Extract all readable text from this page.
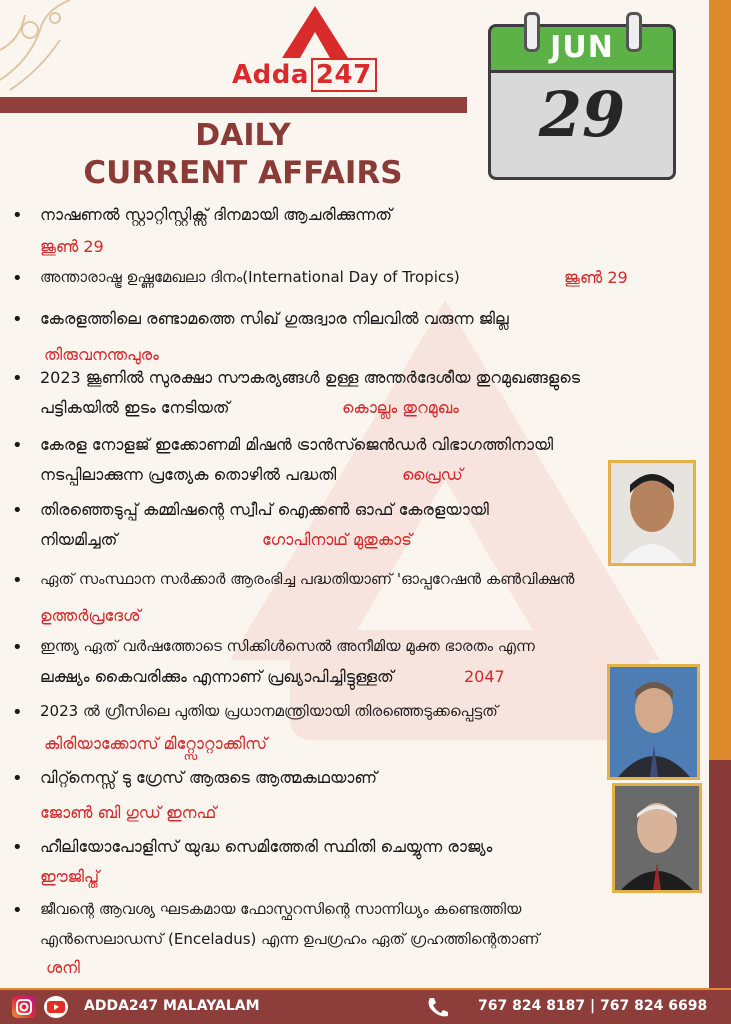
Adda 247
DAILY
CURRENT AFFAIRS
JUN
29
• നാഷണൽ സ്റ്റാറ്റിസ്റ്റിക്സ് ദിനമായി ആചരിക്കുന്നത്
ജൂൺ 29
• അന്താരാഷ്ട്ര ഉഷ്ണമേഖലാ ദിനം(International Day of Tropics)	ജൂൺ 29
• കേരളത്തിലെ രണ്ടാമത്തെ സിഖ് ഗുരുദ്വാര നിലവിൽ വരുന്ന ജില്ല
തിരുവനന്തപുരം
• 2023 ജൂണിൽ സുരക്ഷാ സൗകര്യങ്ങൾ ഉള്ള അന്തർദേശീയ തുറമുഖങ്ങളുടെ
പട്ടികയിൽ ഇടം നേടിയത്	കൊല്ലം തുറമുഖം
• കേരള നോളജ് ഇക്കോണമി മിഷൻ ട്രാൻസ്ജെൻഡർ വിഭാഗത്തിനായി
നടപ്പിലാക്കുന്ന പ്രത്യേക തൊഴിൽ പദ്ധതി	പ്രൈഡ്
• തിരഞ്ഞെടുപ്പ് കമ്മിഷന്റെ സ്വീപ് ഐക്കൺ ഓഫ് കേരളയായി
നിയമിച്ചത്	ഗോപിനാഥ് മുതുകാട്
• ഏത് സംസ്ഥാന സർക്കാർ ആരംഭിച്ച പദ്ധതിയാണ് 'ഓപ്പറേഷൻ കൺവിക്ഷൻ
ഉത്തർപ്രദേശ്
• ഇന്ത്യ ഏത് വർഷത്തോടെ സിക്കിൾസെൽ അനീമിയ മുക്ത ഭാരതം എന്ന
ലക്ഷ്യം കൈവരിക്കും എന്നാണ് പ്രഖ്യാപിച്ചിട്ടുള്ളത്	2047
• 2023 ൽ ഗ്രീസിലെ പുതിയ പ്രധാനമന്ത്രിയായി തിരഞ്ഞെടുക്കപ്പെട്ടത്
കിരിയാക്കോസ് മിറ്റ്സോറ്റാക്കിസ്
• വിറ്റ്നെസ്സ് ടു ഗ്രേസ് ആരുടെ ആത്മകഥയാണ്
ജോൺ ബി ഗുഡ് ഇനഫ്
• ഹീലിയോപോളിസ് യുദ്ധ സെമിത്തേരി സ്ഥിതി ചെയ്യുന്ന രാജ്യം
ഈജിപ്ത്
• ജീവന്റെ ആവശ്യ ഘടകമായ ഫോസ്ഫറസിന്റെ സാന്നിധ്യം കണ്ടെത്തിയ
എൻസെലാഡസ് (Enceladus) എന്ന ഉപഗ്രഹം ഏത് ഗ്രഹത്തിന്റെതാണ്
ശനി
ADDA247 MALAYALAM	767 824 8187 | 767 824 6698
